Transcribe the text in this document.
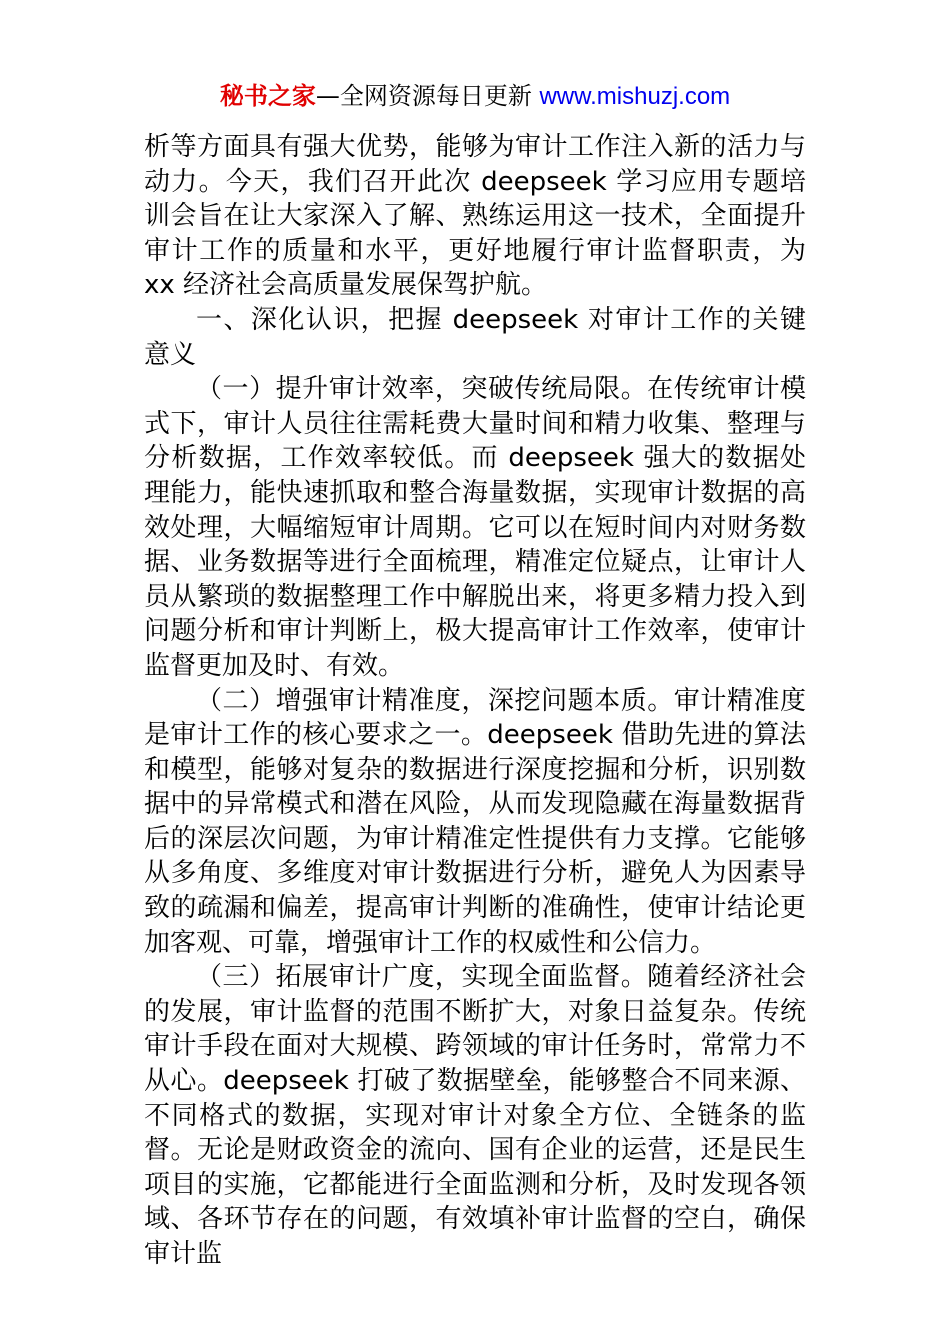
秘书之家—全网资源每日更新 www.mishuzj.com

析等方面具有强大优势，能够为审计工作注入新的活力与动力。今天，我们召开此次 deepseek 学习应用专题培训会旨在让大家深入了解、熟练运用这一技术，全面提升审计工作的质量和水平，更好地履行审计监督职责，为 xx 经济社会高质量发展保驾护航。

一、深化认识，把握 deepseek 对审计工作的关键意义

（一）提升审计效率，突破传统局限。在传统审计模式下，审计人员往往需耗费大量时间和精力收集、整理与分析数据，工作效率较低。而 deepseek 强大的数据处理能力，能快速抓取和整合海量数据，实现审计数据的高效处理，大幅缩短审计周期。它可以在短时间内对财务数据、业务数据等进行全面梳理，精准定位疑点，让审计人员从繁琐的数据整理工作中解脱出来，将更多精力投入到问题分析和审计判断上，极大提高审计工作效率，使审计监督更加及时、有效。

（二）增强审计精准度，深挖问题本质。审计精准度是审计工作的核心要求之一。deepseek 借助先进的算法和模型，能够对复杂的数据进行深度挖掘和分析，识别数据中的异常模式和潜在风险，从而发现隐藏在海量数据背后的深层次问题，为审计精准定性提供有力支撑。它能够从多角度、多维度对审计数据进行分析，避免人为因素导致的疏漏和偏差，提高审计判断的准确性，使审计结论更加客观、可靠，增强审计工作的权威性和公信力。

（三）拓展审计广度，实现全面监督。随着经济社会的发展，审计监督的范围不断扩大，对象日益复杂。传统审计手段在面对大规模、跨领域的审计任务时，常常力不从心。deepseek 打破了数据壁垒，能够整合不同来源、不同格式的数据，实现对审计对象全方位、全链条的监督。无论是财政资金的流向、国有企业的运营，还是民生项目的实施，它都能进行全面监测和分析，及时发现各领域、各环节存在的问题，有效填补审计监督的空白，确保审计监
